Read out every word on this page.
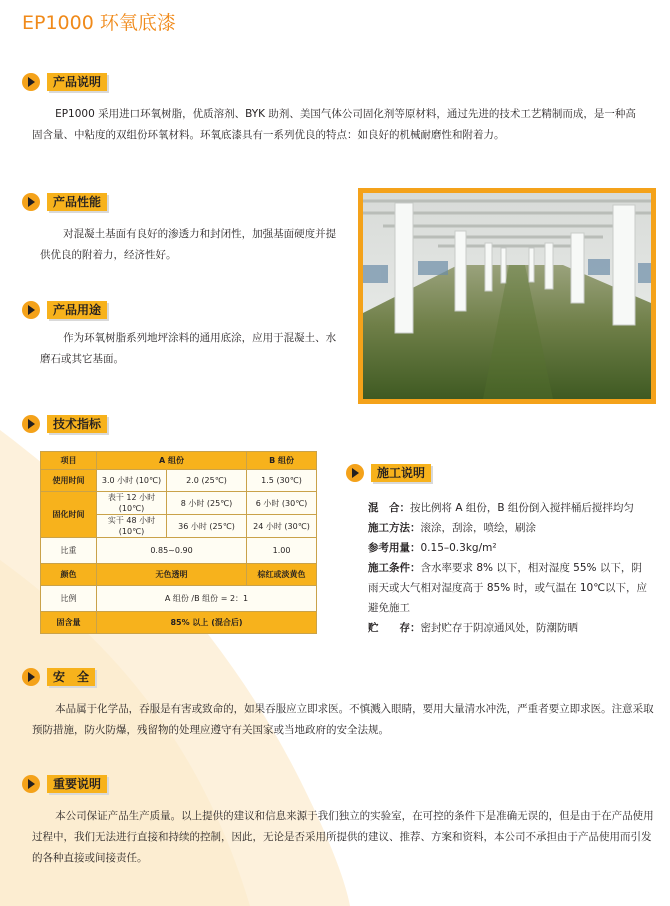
EP1000 环氧底漆
产品说明
EP1000 采用进口环氧树脂，优质溶剂、BYK 助剂、美国气体公司固化剂等原材料，通过先进的技术工艺精制而成，是一种高固含量、中粘度的双组份环氧材料。环氧底漆具有一系列优良的特点：如良好的机械耐磨性和附着力。
产品性能
对混凝土基面有良好的渗透力和封闭性，加强基面硬度并提供优良的附着力，经济性好。
产品用途
作为环氧树脂系列地坪涂料的通用底涂，应用于混凝土、水磨石或其它基面。
技术指标
项目	A 组份		B 组份
使用时间	3.0 小时 (10℃)	2.0 (25℃)	1.5 (30℃)
固化时间	表干 12 小时 (10℃)	8 小时 (25℃)	6 小时 (30℃)
	实干 48 小时 (10℃)	36 小时 (25℃)	24 小时 (30℃)
比重	0.85~0.90		1.00
颜色	无色透明		棕红或淡黄色
比例	A 组份 /B 组份 = 2：1		
固含量	85% 以上 (混合后)		
施工说明
混　合：按比例将 A 组份，B 组份倒入搅拌桶后搅拌均匀
施工方法：滚涂，刮涂，喷绘，刷涂
参考用量：0.15–0.3kg/m²
施工条件：含水率要求 8% 以下，相对湿度 55% 以下，阴
雨天或大气相对湿度高于 85% 时，或气温在 10℃以下，应
避免施工
贮　　存：密封贮存于阴凉通风处，防潮防晒
安　全
本品属于化学品，吞服是有害或致命的，如果吞服应立即求医。不慎溅入眼睛，要用大量清水冲洗，严重者要立即求医。注意采取预防措施，防火防爆，残留物的处理应遵守有关国家或当地政府的安全法规。
重要说明
本公司保证产品生产质量。以上提供的建议和信息来源于我们独立的实验室，在可控的条件下是准确无误的，但是由于在产品使用过程中，我们无法进行直接和持续的控制，因此，无论是否采用所提供的建议、推荐、方案和资料，本公司不承担由于产品使用而引发的各种直接或间接责任。
